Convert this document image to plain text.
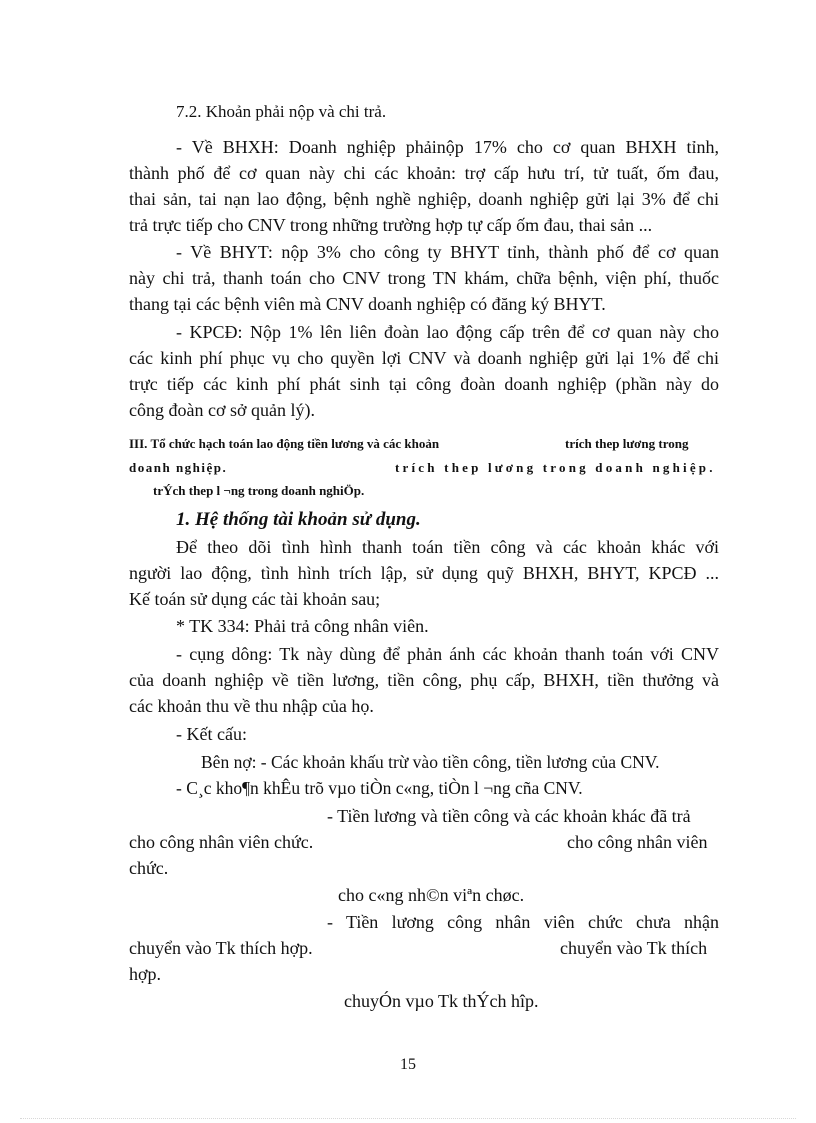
7.2. Khoản phải nộp và chi trả.
- Về BHXH: Doanh nghiệp phảinộp 17% cho cơ quan BHXH tỉnh,
thành phố để cơ quan này chi các khoản: trợ cấp hưu trí, tử tuất, ốm đau,
thai sản, tai nạn lao động, bệnh nghề nghiệp, doanh nghiệp gửi lại 3% để chi
trả trực tiếp cho CNV trong những trường hợp tự cấp ốm đau, thai sản ...
- Về BHYT: nộp 3% cho công ty BHYT tỉnh, thành phố để cơ quan
này chi trả, thanh toán cho CNV trong TN khám, chữa bệnh, viện phí, thuốc
thang tại các bệnh viên mà CNV doanh nghiệp có đăng ký BHYT.
- KPCĐ: Nộp 1% lên liên đoàn lao động cấp trên để cơ quan này cho
các kinh phí phục vụ cho quyền lợi CNV và doanh nghiệp gửi lại 1% để chi
trực tiếp các kinh phí phát sinh tại công đoàn doanh nghiệp (phần này do
công đoàn cơ sở quản lý).
III. Tổ chức hạch toán lao động tiền lương và các khoản	trích thep lương trong
doanh nghiệp.	trích thep lương trong doanh nghiệp.
trÝch thep l ¬ng trong doanh nghiÖp.
1. Hệ thống tài khoản sử dụng.
Để theo dõi tình hình thanh toán tiền công và các khoản khác với
người lao động, tình hình trích lập, sử dụng quỹ BHXH, BHYT, KPCĐ ...
Kế toán sử dụng các tài khoản sau;
* TK 334: Phải trả công nhân viên.
- cụng dông: Tk này dùng để phản ánh các khoản thanh toán với CNV
của doanh nghiệp về tiền lương, tiền công, phụ cấp, BHXH, tiền thưởng và
các khoản thu về thu nhập của họ.
- Kết cấu:
Bên nợ: - Các khoản khấu trừ vào tiền công, tiền lương của CNV.
- C¸c kho¶n khÊu trõ vµo tiÒn c«ng, tiÒn l ¬ng cña CNV.
- Tiền lương và tiền công và các khoản khác đã trả
cho công nhân viên chức.	cho công nhân viên
chức.
cho c«ng nh©n viªn chøc.
- Tiền lương công nhân viên chức chưa nhận
chuyển vào Tk thích hợp.	chuyển vào Tk thích
hợp.
chuyÓn vµo Tk thÝch hîp.
15
